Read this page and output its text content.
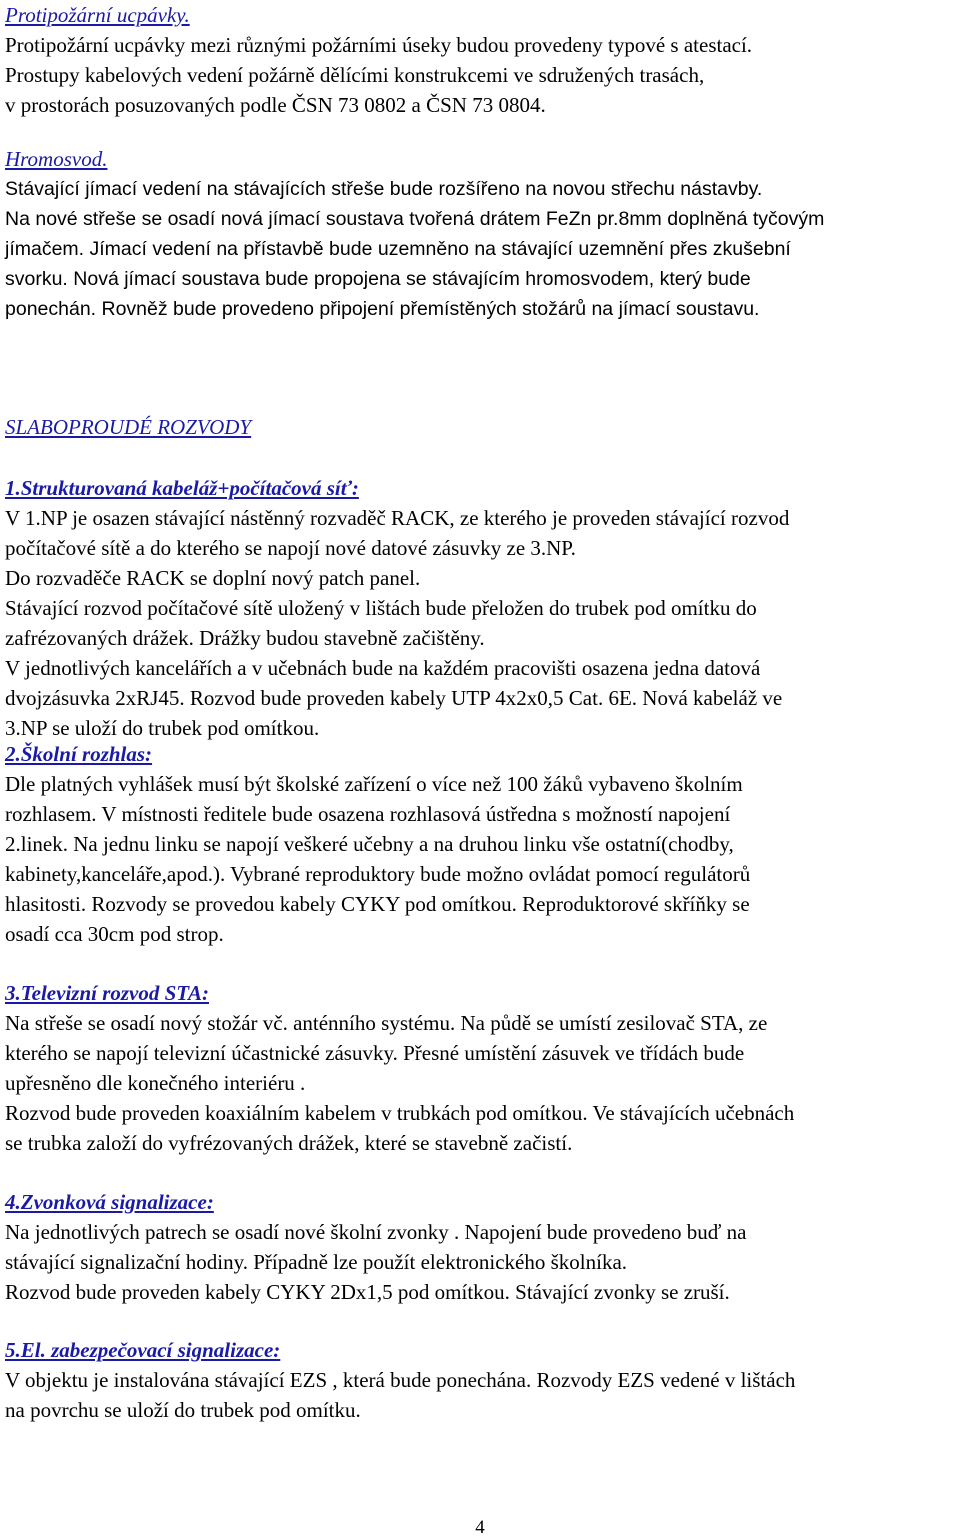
Protipožární ucpávky.

Protipožární ucpávky mezi různými požárními úseky budou provedeny typové s atestací.

Prostupy kabelových vedení požárně dělícími konstrukcemi ve sdružených trasách,

v prostorách posuzovaných podle ČSN 73 0802 a ČSN 73 0804.

Hromosvod.

Stávající jímací vedení na stávajících střeše bude rozšířeno na novou střechu nástavby.

Na nové střeše se osadí nová jímací soustava tvořená drátem FeZn pr.8mm doplněná tyčovým

jímačem. Jímací vedení na přístavbě bude uzemněno na stávající uzemnění přes zkušební

svorku. Nová jímací soustava bude propojena se stávajícím hromosvodem, který bude

ponechán. Rovněž bude provedeno připojení přemístěných stožárů na jímací soustavu.

SLABOPROUDÉ ROZVODY

1.Strukturovaná kabeláž+počítačová síť:

V 1.NP je osazen stávající nástěnný rozvaděč RACK, ze kterého je proveden stávající rozvod

počítačové sítě a do kterého se napojí nové datové zásuvky ze 3.NP.

Do rozvaděče RACK se doplní nový patch panel.

Stávající rozvod počítačové sítě uložený v lištách bude přeložen do trubek pod omítku do

zafrézovaných drážek. Drážky budou stavebně začištěny.

V jednotlivých kancelářích a v učebnách bude na každém pracovišti osazena jedna datová

dvojzásuvka 2xRJ45. Rozvod bude proveden kabely UTP 4x2x0,5 Cat. 6E. Nová kabeláž ve

3.NP se uloží do trubek pod omítkou.

2.Školní rozhlas:

Dle platných vyhlášek musí být školské zařízení o více než 100 žáků vybaveno školním

rozhlasem. V místnosti ředitele bude osazena rozhlasová ústředna s možností napojení

2.linek. Na jednu linku se napojí veškeré učebny a na druhou linku vše ostatní(chodby,

kabinety,kanceláře,apod.). Vybrané reproduktory bude možno ovládat pomocí regulátorů

hlasitosti. Rozvody se provedou kabely CYKY pod omítkou. Reproduktorové skříňky se

osadí cca 30cm pod strop.

3.Televizní rozvod STA:

Na střeše se osadí nový stožár vč. anténního systému. Na půdě se umístí zesilovač STA, ze

kterého se napojí televizní účastnické zásuvky. Přesné umístění zásuvek ve třídách bude

upřesněno dle konečného interiéru .

Rozvod bude proveden koaxiálním kabelem v trubkách pod omítkou. Ve stávajících učebnách

se trubka založí do vyfrézovaných drážek, které se stavebně začistí.

4.Zvonková signalizace:

Na jednotlivých patrech se osadí nové školní zvonky . Napojení bude provedeno buď na

stávající signalizační hodiny. Případně lze použít elektronického školníka.

Rozvod bude proveden kabely CYKY 2Dx1,5 pod omítkou. Stávající zvonky se zruší.

5.El. zabezpečovací signalizace:

V objektu je instalována stávající EZS , která bude ponechána. Rozvody EZS vedené v lištách

na povrchu se uloží do trubek pod omítku.

4
